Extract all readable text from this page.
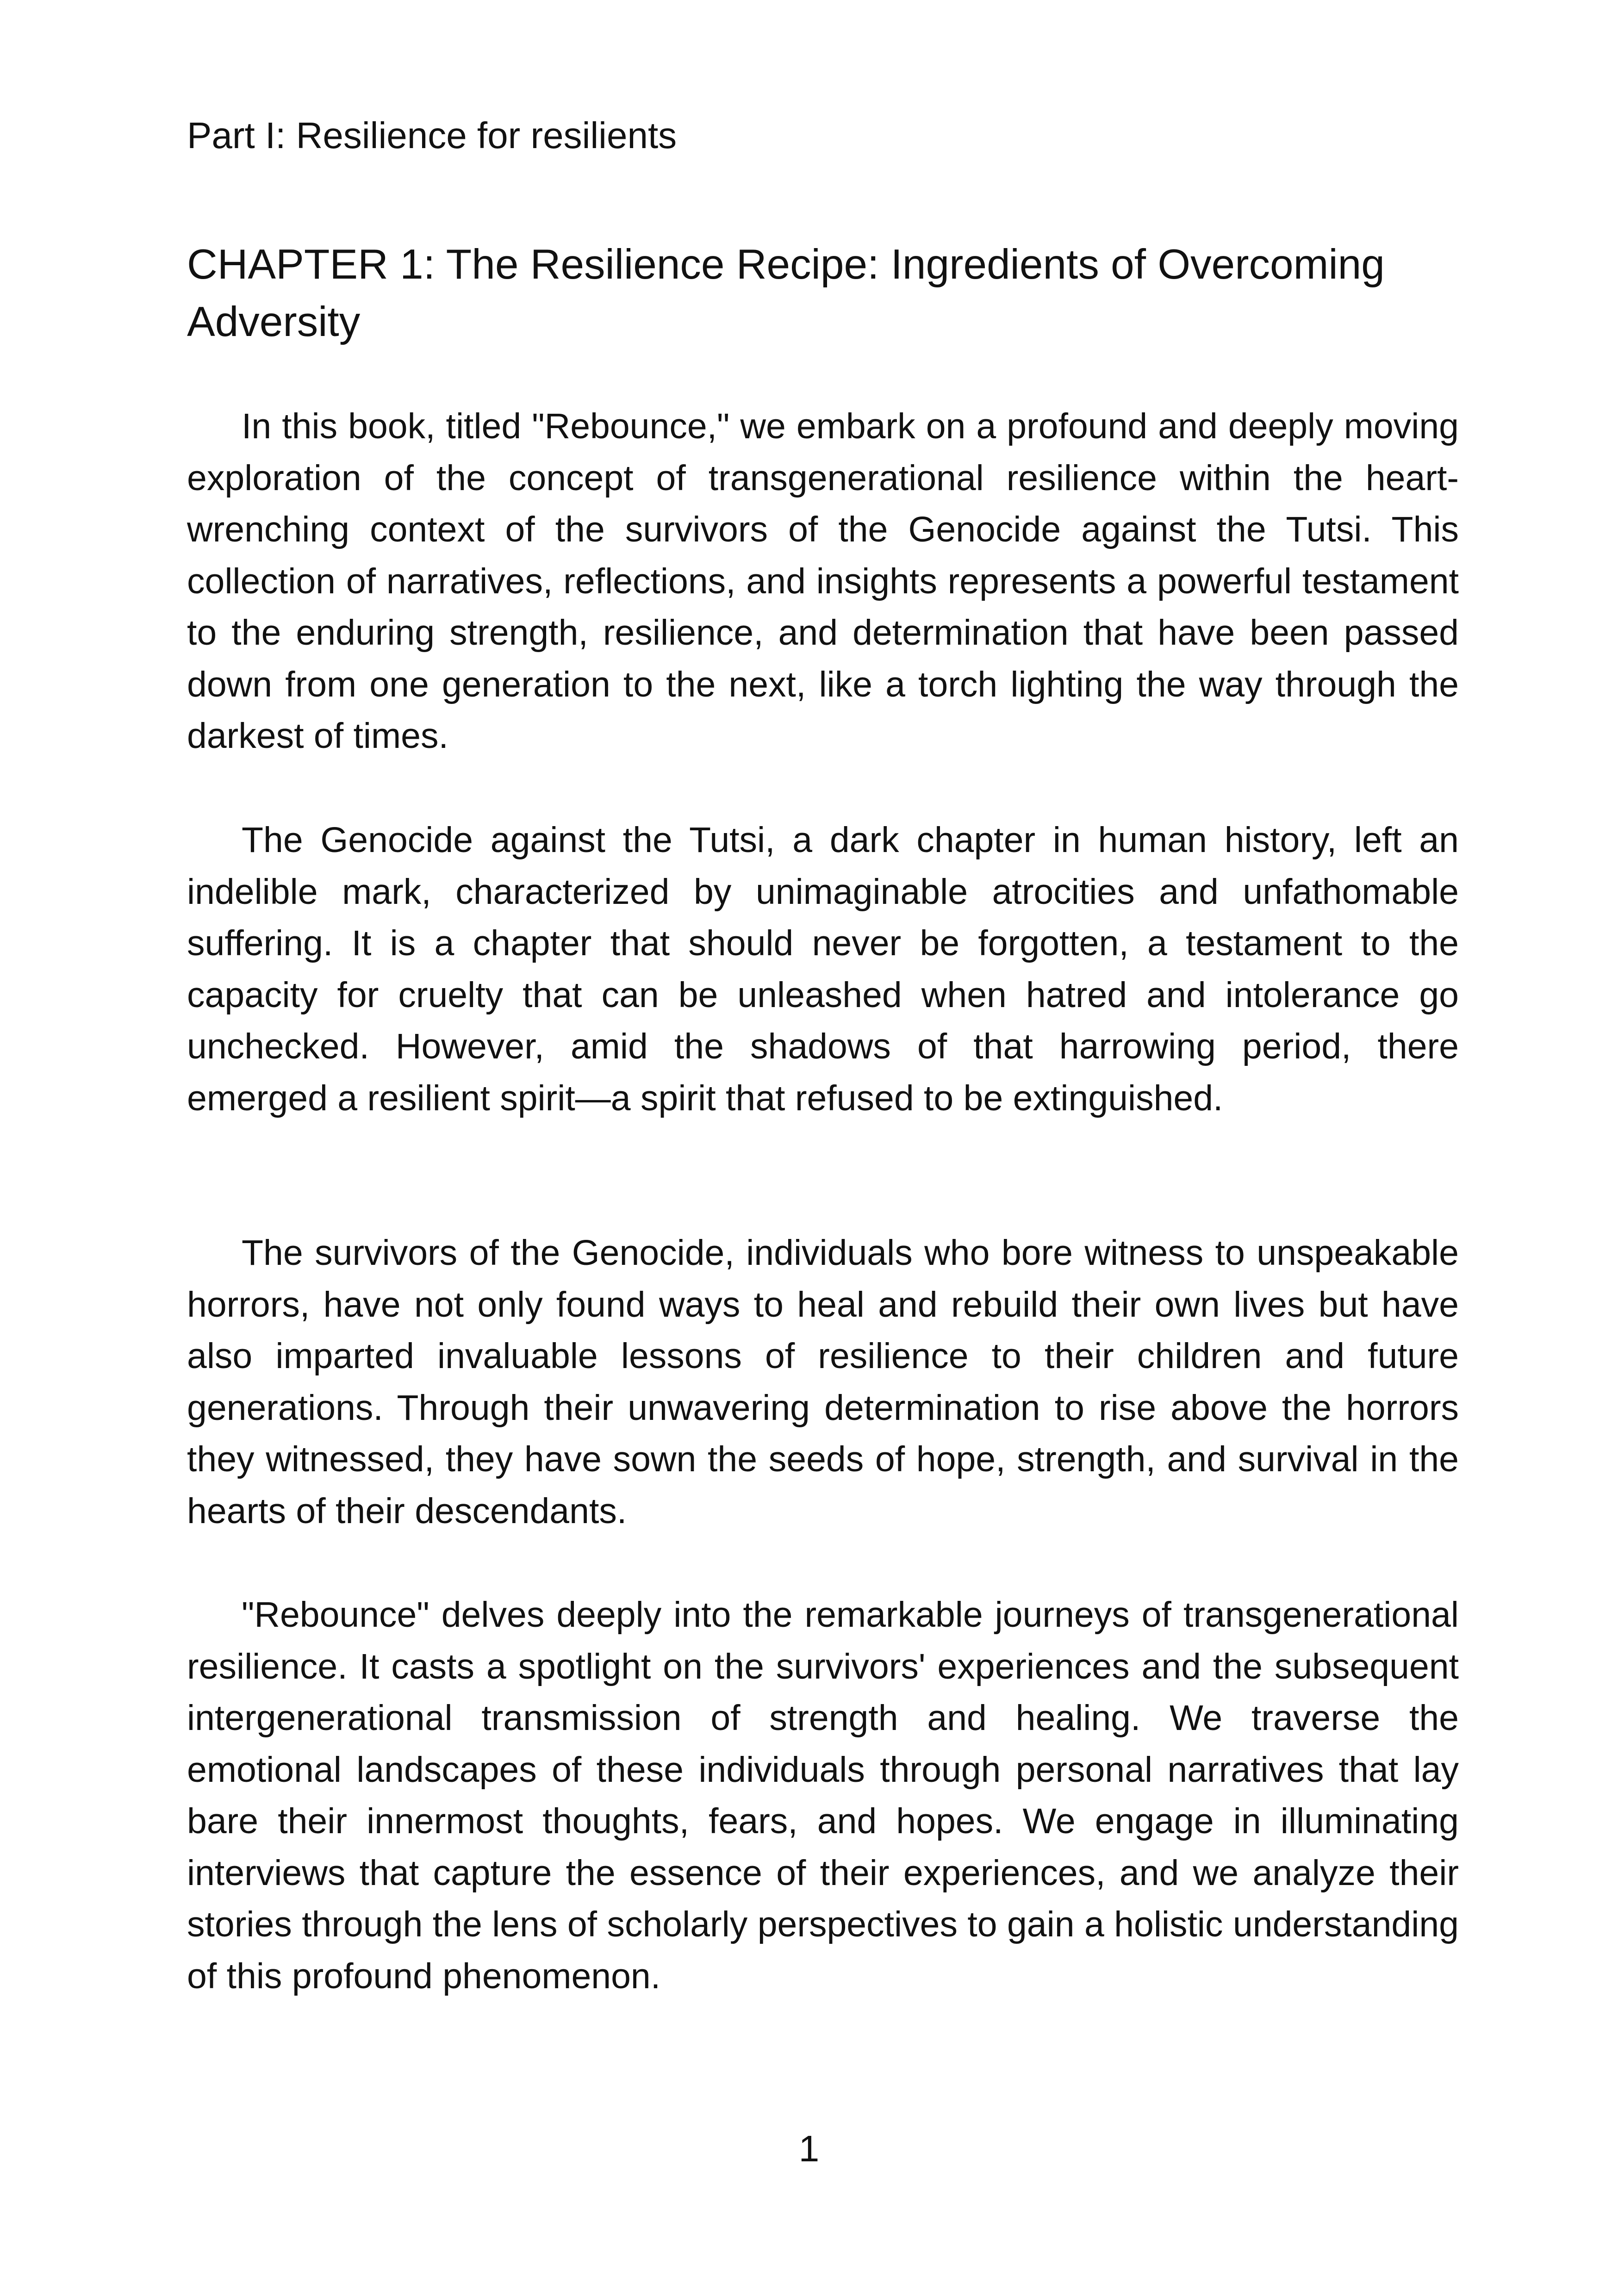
Part I: Resilience for resilients
CHAPTER 1: The Resilience Recipe: Ingredients of Overcoming Adversity

In this book, titled "Rebounce," we embark on a profound and deeply moving exploration of the concept of transgenerational resilience within the heart-wrenching context of the survivors of the Genocide against the Tutsi. This collection of narratives, reflections, and insights represents a powerful testament to the enduring strength, resilience, and determination that have been passed down from one generation to the next, like a torch lighting the way through the darkest of times.

The Genocide against the Tutsi, a dark chapter in human history, left an indelible mark, characterized by unimaginable atrocities and unfathomable suffering. It is a chapter that should never be forgotten, a testament to the capacity for cruelty that can be unleashed when hatred and intolerance go unchecked. However, amid the shadows of that harrowing period, there emerged a resilient spirit—a spirit that refused to be extinguished.

The survivors of the Genocide, individuals who bore witness to unspeakable horrors, have not only found ways to heal and rebuild their own lives but have also imparted invaluable lessons of resilience to their children and future generations. Through their unwavering determination to rise above the horrors they witnessed, they have sown the seeds of hope, strength, and survival in the hearts of their descendants.

"Rebounce" delves deeply into the remarkable journeys of transgenerational resilience. It casts a spotlight on the survivors' experiences and the subsequent intergenerational transmission of strength and healing. We traverse the emotional landscapes of these individuals through personal narratives that lay bare their innermost thoughts, fears, and hopes. We engage in illuminating interviews that capture the essence of their experiences, and we analyze their stories through the lens of scholarly perspectives to gain a holistic understanding of this profound phenomenon.

1
